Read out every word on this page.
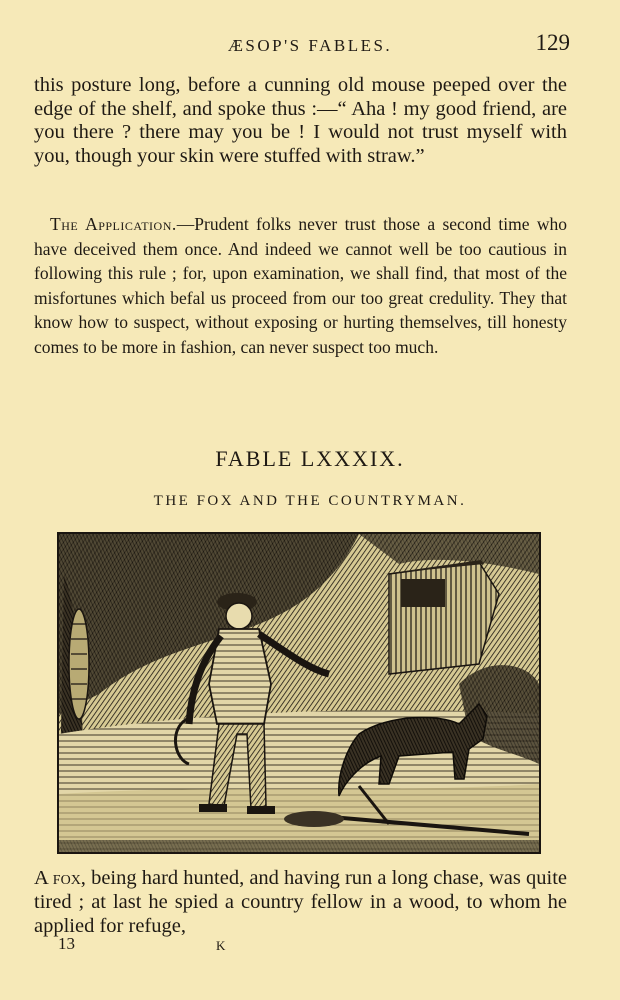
ÆSOP'S FABLES.	129

this posture long, before a cunning old mouse peeped over the edge of the shelf, and spoke thus :—“ Aha ! my good friend, are you there ? there may you be ! I would not trust myself with you, though your skin were stuffed with straw.”

The Application.—Prudent folks never trust those a second time who have deceived them once. And indeed we cannot well be too cautious in following this rule ; for, upon examination, we shall find, that most of the misfortunes which befal us proceed from our too great credulity. They that know how to suspect, without exposing or hurting themselves, till honesty comes to be more in fashion, can never suspect too much.

FABLE LXXXIX.
THE FOX AND THE COUNTRYMAN.

A fox, being hard hunted, and having run a long chase, was quite tired ; at last he spied a country fellow in a wood, to whom he applied for refuge,

13	K
